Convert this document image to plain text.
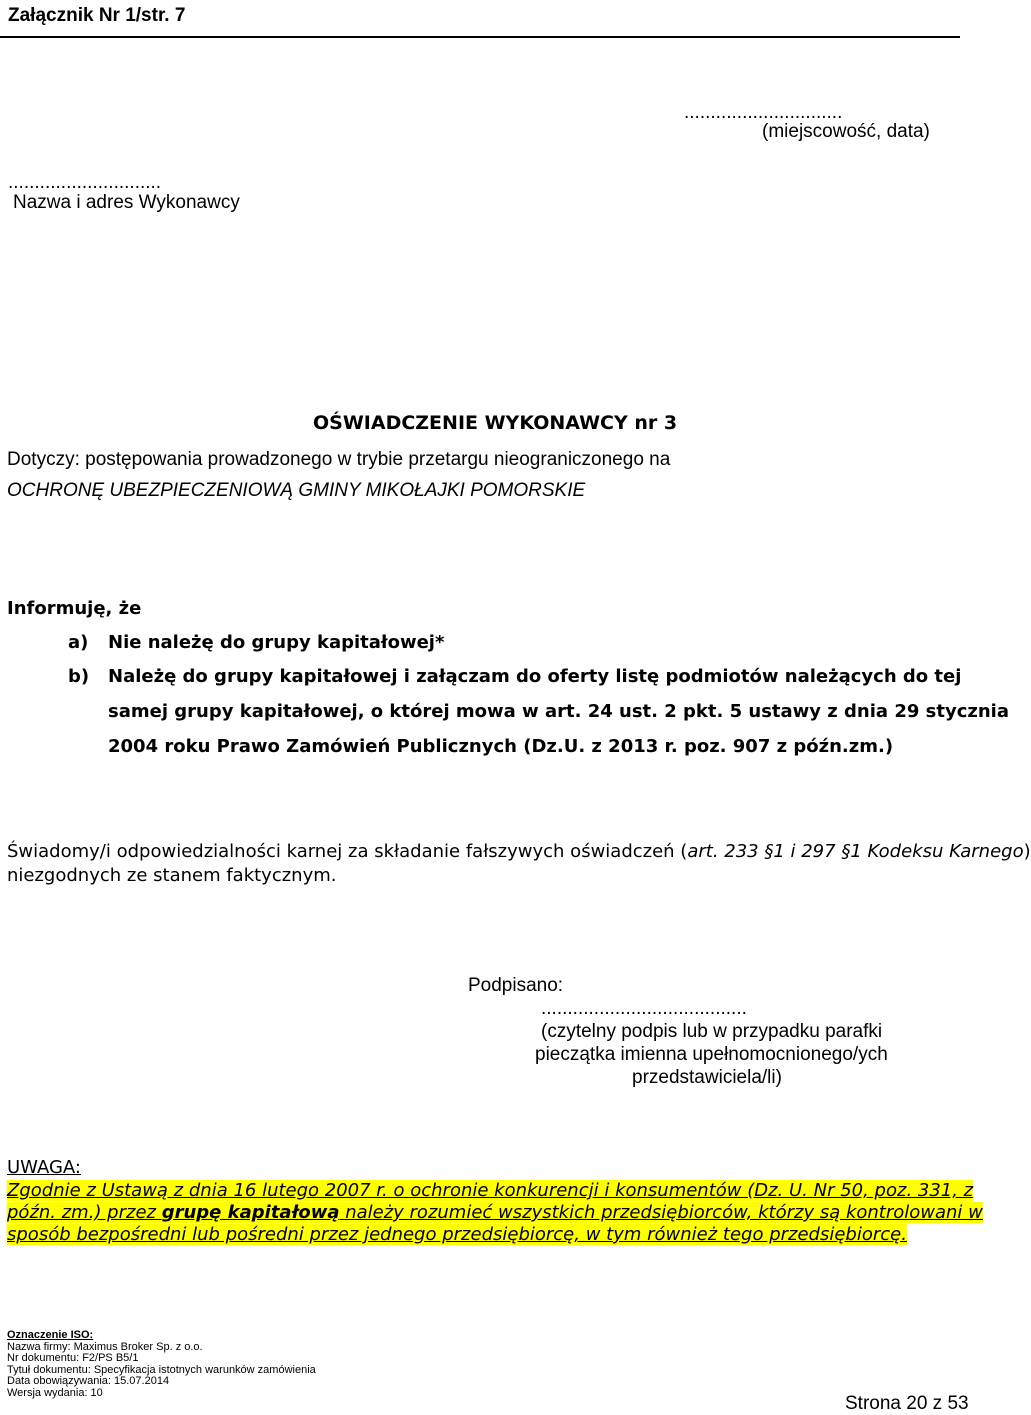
Załącznik Nr 1/str. 7
..............................
(miejscowość, data)
.............................
Nazwa i adres Wykonawcy
OŚWIADCZENIE WYKONAWCY nr 3
Dotyczy: postępowania prowadzonego w trybie przetargu nieograniczonego na
OCHRONĘ UBEZPIECZENIOWĄ GMINY MIKOŁAJKI POMORSKIE
Informuję, że
a) Nie należę do grupy kapitałowej*
b) Należę do grupy kapitałowej i załączam do oferty listę podmiotów należących do tej
samej grupy kapitałowej, o której mowa w art. 24 ust. 2 pkt. 5 ustawy z dnia 29 stycznia
2004 roku Prawo Zamówień Publicznych (Dz.U. z 2013 r. poz. 907 z późn.zm.)
Świadomy/i odpowiedzialności karnej za składanie fałszywych oświadczeń (art. 233 §1 i 297 §1 Kodeksu Karnego)
niezgodnych ze stanem faktycznym.
Podpisano:
.......................................
(czytelny podpis lub w przypadku parafki
pieczątka imienna upełnomocnionego/ych
przedstawiciela/li)
UWAGA:
Zgodnie z Ustawą z dnia 16 lutego 2007 r. o ochronie konkurencji i konsumentów (Dz. U. Nr 50, poz. 331, z
późn. zm.) przez grupę kapitałową należy rozumieć wszystkich przedsiębiorców, którzy są kontrolowani w
sposób bezpośredni lub pośredni przez jednego przedsiębiorcę, w tym również tego przedsiębiorcę.
Oznaczenie ISO:
Nazwa firmy: Maximus Broker Sp. z o.o.
Nr dokumentu: F2/PS B5/1
Tytuł dokumentu: Specyfikacja istotnych warunków zamówienia
Data obowiązywania: 15.07.2014
Wersja wydania: 10	Strona 20 z 53
